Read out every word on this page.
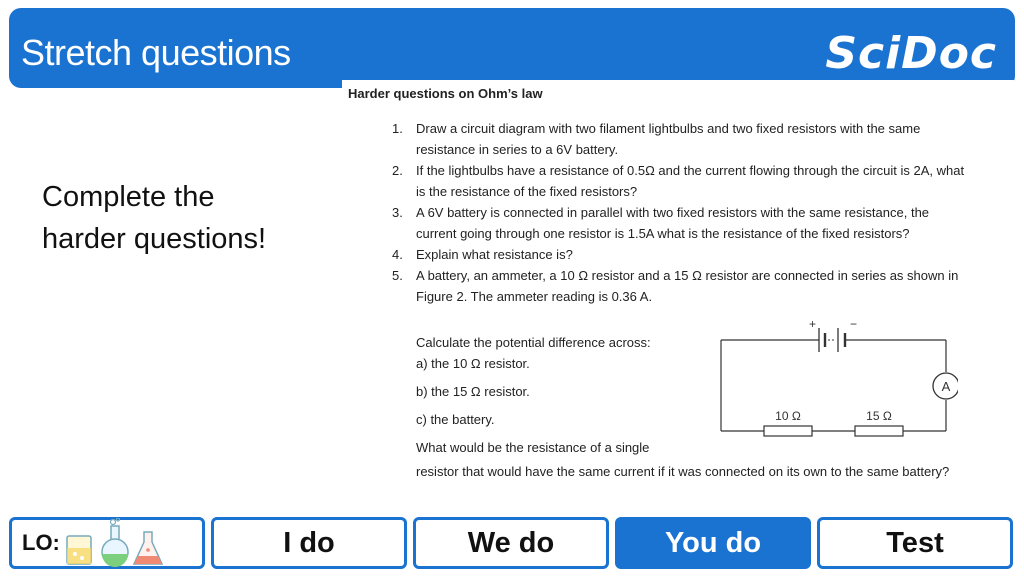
Stretch questions	SciDoc
Complete the
harder questions!
Harder questions on Ohm’s law
1. Draw a circuit diagram with two filament lightbulbs and two fixed resistors with the same
resistance in series to a 6V battery.
2. If the lightbulbs have a resistance of 0.5Ω and the current flowing through the circuit is 2A, what
is the resistance of the fixed resistors?
3. A 6V battery is connected in parallel with two fixed resistors with the same resistance, the
current going through one resistor is 1.5A what is the resistance of the fixed resistors?
4. Explain what resistance is?
5. A battery, an ammeter, a 10 Ω resistor and a 15 Ω resistor are connected in series as shown in
Figure 2. The ammeter reading is 0.36 A.
Calculate the potential difference across:
a) the 10 Ω resistor.
b) the 15 Ω resistor.
c) the battery.
What would be the resistance of a single
resistor that would have the same current if it was connected on its own to the same battery?
+	−
A
10 Ω	15 Ω
LO:	I do	We do	You do	Test
